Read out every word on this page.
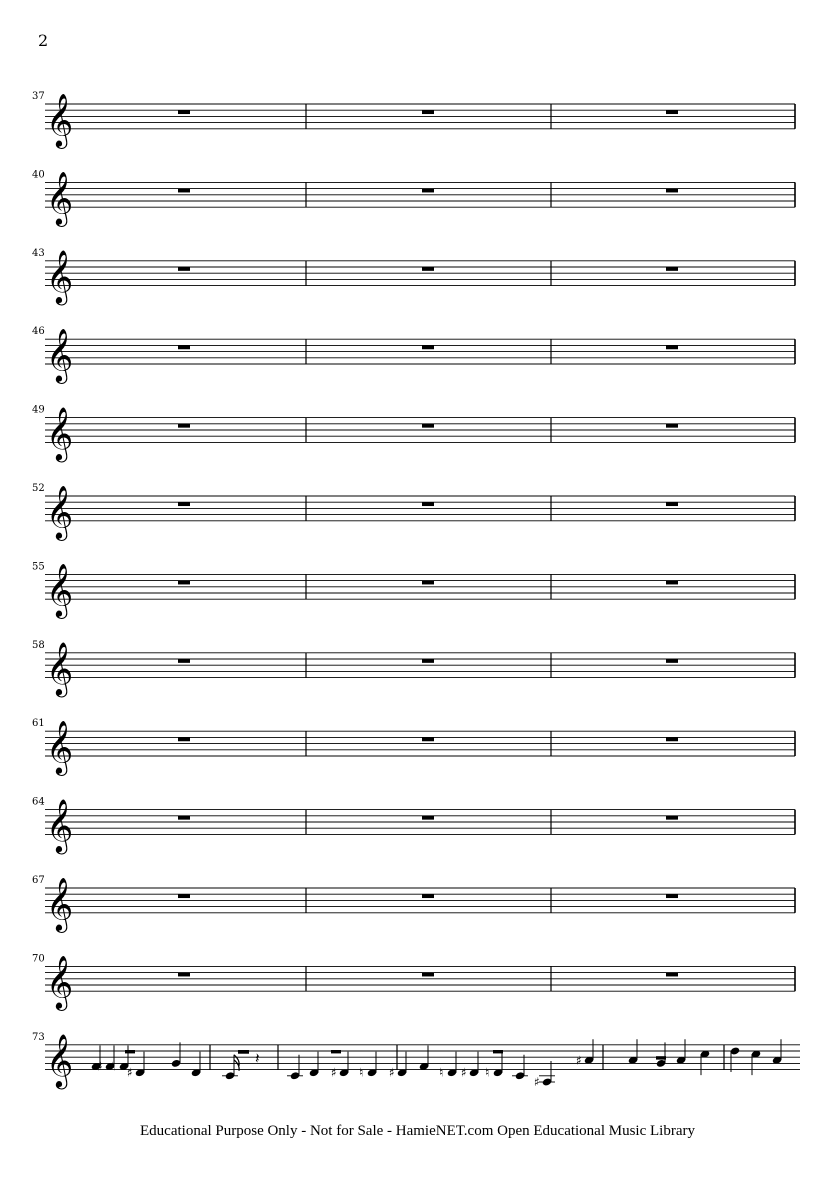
2
37 𝄞
40 𝄞
43 𝄞
46 𝄞
49 𝄞
52 𝄞
55 𝄞
58 𝄞
61 𝄞
64 𝄞
67 𝄞
70 𝄞
73 𝄞 ♯ ♮ ♯	♯ ♮ ♯	♮ ♯ ♮
♯
♯
𝄽
Educational Purpose Only - Not for Sale - HamieNET.com Open Educational Music Library
